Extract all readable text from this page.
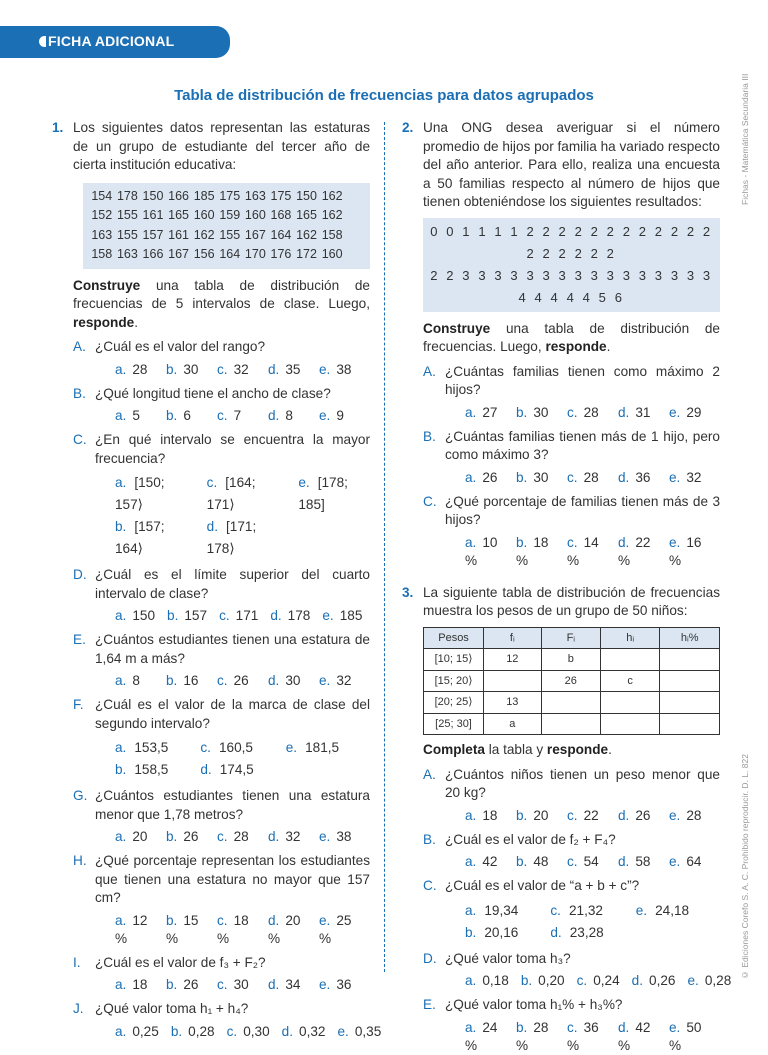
FICHA ADICIONAL
Tabla de distribución de frecuencias para datos agrupados	Fichas - Matemática Secundaria III
© Ediciones Corefo S. A. C. Prohibido reproducir. D. L. 822
1. Los siguientes datos representan las estaturas de un grupo de estudiante del tercer año de cierta institución educativa:
154 178 150 166 185 175 163 175 150 162
152 155 161 165 160 159 160 168 165 162
163 155 157 161 162 155 167 164 162 158
158 163 166 167 156 164 170 176 172 160
Construye una tabla de distribución de frecuencias de 5 intervalos de clase. Luego, responde.
A. ¿Cuál es el valor del rango?
a. 28	b. 30	c. 32	d. 35	e. 38
B. ¿Qué longitud tiene el ancho de clase?
a. 5	b. 6	c. 7	d. 8	e. 9
C. ¿En qué intervalo se encuentra la mayor frecuencia?
a. [150; 157⟩
c. [164; 171⟩
e. [178; 185]
b. [157; 164⟩
d. [171; 178⟩
D. ¿Cuál es el límite superior del cuarto intervalo de clase?
a. 150 b. 157 c. 171 d. 178 e. 185
E. ¿Cuántos estudiantes tienen una estatura de 1,64 m a más?
a. 8	b. 16	c. 26	d. 30	e. 32
F. ¿Cuál es el valor de la marca de clase del segundo intervalo?
a. 153,5 c. 160,5 e. 181,5
b. 158,5 d. 174,5
G. ¿Cuántos estudiantes tienen una estatura menor que 1,78 metros?
a. 20	b. 26	c. 28	d. 32	e. 38
H. ¿Qué porcentaje representan los estudiantes que tienen una estatura no mayor que 157 cm?
a. 12 %
b. 15 %
c. 18 %
d. 20 %
e. 25 %
I. ¿Cuál es el valor de f₃ + F₂?
a. 18	b. 26	c. 30	d. 34	e. 36
J. ¿Qué valor toma h₁ + h₄?
a. 0,25 b. 0,28 c. 0,30 d. 0,32 e. 0,35
2. Una ONG desea averiguar si el número promedio de hijos por familia ha variado respecto del año anterior. Para ello, realiza una encuesta a 50 familias respecto al número de hijos que tienen obteniéndose los siguientes resultados:
0 0 1 1 1 1 2 2 2 2 2 2 2 2 2 2 2 2 2 2 2 2 2 2
2 2 3 3 3 3 3 3 3 3 3 3 3 3 3 3 3 3 4 4 4 4 4 5 6
Construye una tabla de distribución de frecuencias. Luego, responde.
A. ¿Cuántas familias tienen como máximo 2 hijos?
a. 27	b. 30	c. 28	d. 31	e. 29
B. ¿Cuántas familias tienen más de 1 hijo, pero como máximo 3?
a. 26	b. 30	c. 28	d. 36	e. 32
C. ¿Qué porcentaje de familias tienen más de 3 hijos?
a. 10 %
b. 18 %
c. 14 %
d. 22 %
e. 16 %
3. La siguiente tabla de distribución de frecuencias muestra los pesos de un grupo de 50 niños:
Pesos	fᵢ	Fᵢ	hᵢ	hᵢ%
[10; 15⟩	12	b		
[15; 20⟩		26	c	
[20; 25⟩	13			
[25; 30]	a			
Completa la tabla y responde.
A. ¿Cuántos niños tienen un peso menor que 20 kg?
a. 18	b. 20	c. 22	d. 26	e. 28
B. ¿Cuál es el valor de f₂ + F₄?
a. 42	b. 48	c. 54	d. 58	e. 64
C. ¿Cuál es el valor de “a + b + c”?
a. 19,34 c. 21,32 e. 24,18
b. 20,16 d. 23,28
D. ¿Qué valor toma h₃?
a. 0,18 b. 0,20 c. 0,24 d. 0,26 e. 0,28
E. ¿Qué valor toma h₁% + h₃%?
a. 24 %
b. 28 %
c. 36 %
d. 42 %
e. 50 %
